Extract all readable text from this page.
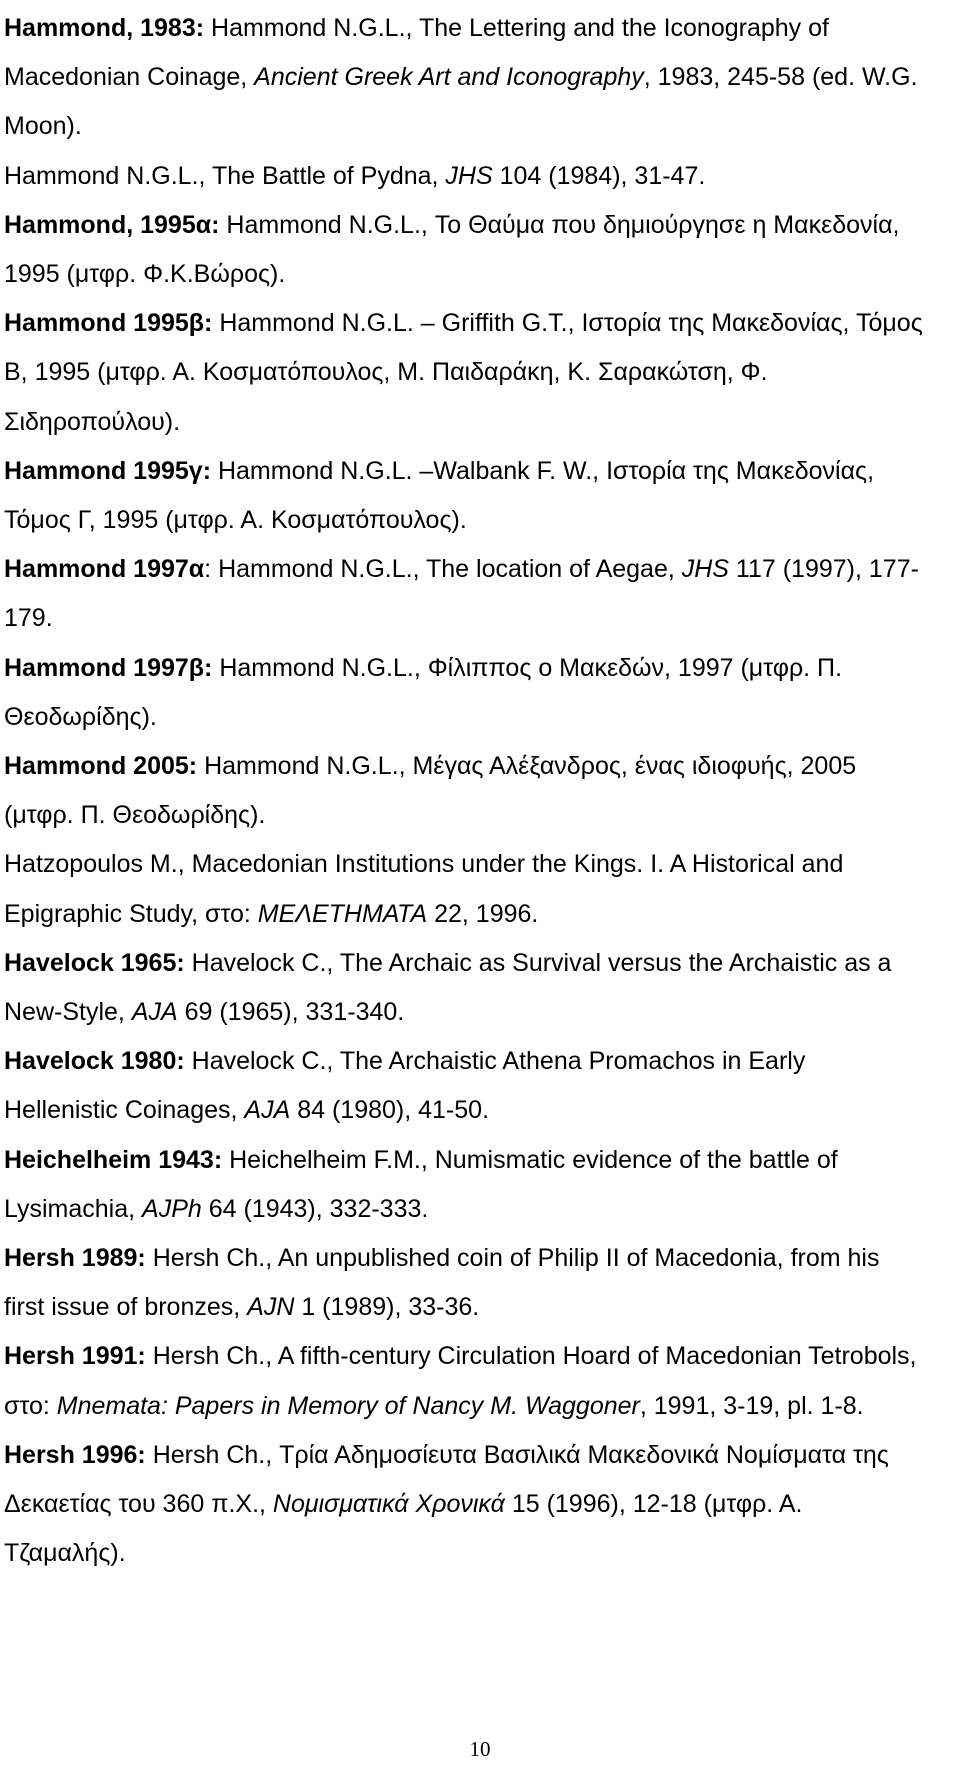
Hammond, 1983: Hammond N.G.L., The Lettering and the Iconography of Macedonian Coinage, Ancient Greek Art and Iconography, 1983, 245-58 (ed. W.G. Moon).

Hammond N.G.L., The Battle of Pydna, JHS 104 (1984), 31-47.

Hammond, 1995α: Hammond N.G.L., Το Θαύμα που δημιούργησε η Μακεδονία, 1995 (μτφρ. Φ.Κ.Βώρος).

Hammond 1995β: Hammond N.G.L. – Griffith G.T., Ιστορία της Μακεδονίας, Τόμος Β, 1995 (μτφρ. Α. Κοσματόπουλος, Μ. Παιδαράκη, Κ. Σαρακώτση, Φ. Σιδηροπούλου).

Hammond 1995γ: Hammond N.G.L. –Walbank F. W., Ιστορία της Μακεδονίας, Τόμος Γ, 1995 (μτφρ. Α. Κοσματόπουλος).

Hammond 1997α: Hammond N.G.L., The location of Aegae, JHS 117 (1997), 177-179.

Hammond 1997β: Hammond N.G.L., Φίλιππος ο Μακεδών, 1997 (μτφρ. Π. Θεοδωρίδης).

Hammond 2005: Hammond N.G.L., Μέγας Αλέξανδρος, ένας ιδιοφυής, 2005 (μτφρ. Π. Θεοδωρίδης).

Hatzopoulos M., Macedonian Institutions under the Kings. I. A Historical and Epigraphic Study, στο: ΜΕΛΕΤΗΜΑΤΑ 22, 1996.

Havelock 1965: Havelock C., The Archaic as Survival versus the Archaistic as a New-Style, AJA 69 (1965), 331-340.

Havelock 1980: Havelock C., The Archaistic Athena Promachos in Early Hellenistic Coinages, AJA 84 (1980), 41-50.

Heichelheim 1943: Heichelheim F.M., Numismatic evidence of the battle of Lysimachia, AJPh 64 (1943), 332-333.

Hersh 1989: Hersh Ch., An unpublished coin of Philip II of Macedonia, from his first issue of bronzes, AJN 1 (1989), 33-36.

Hersh 1991: Hersh Ch., A fifth-century Circulation Hoard of Macedonian Tetrobols, στο: Mnemata: Papers in Memory of Nancy M. Waggoner, 1991, 3-19, pl. 1-8.

Hersh 1996: Hersh Ch., Τρία Αδημοσίευτα Βασιλικά Μακεδονικά Νομίσματα της Δεκαετίας του 360 π.Χ., Νομισματικά Χρονικά 15 (1996), 12-18 (μτφρ. Α. Τζαμαλής).

10
